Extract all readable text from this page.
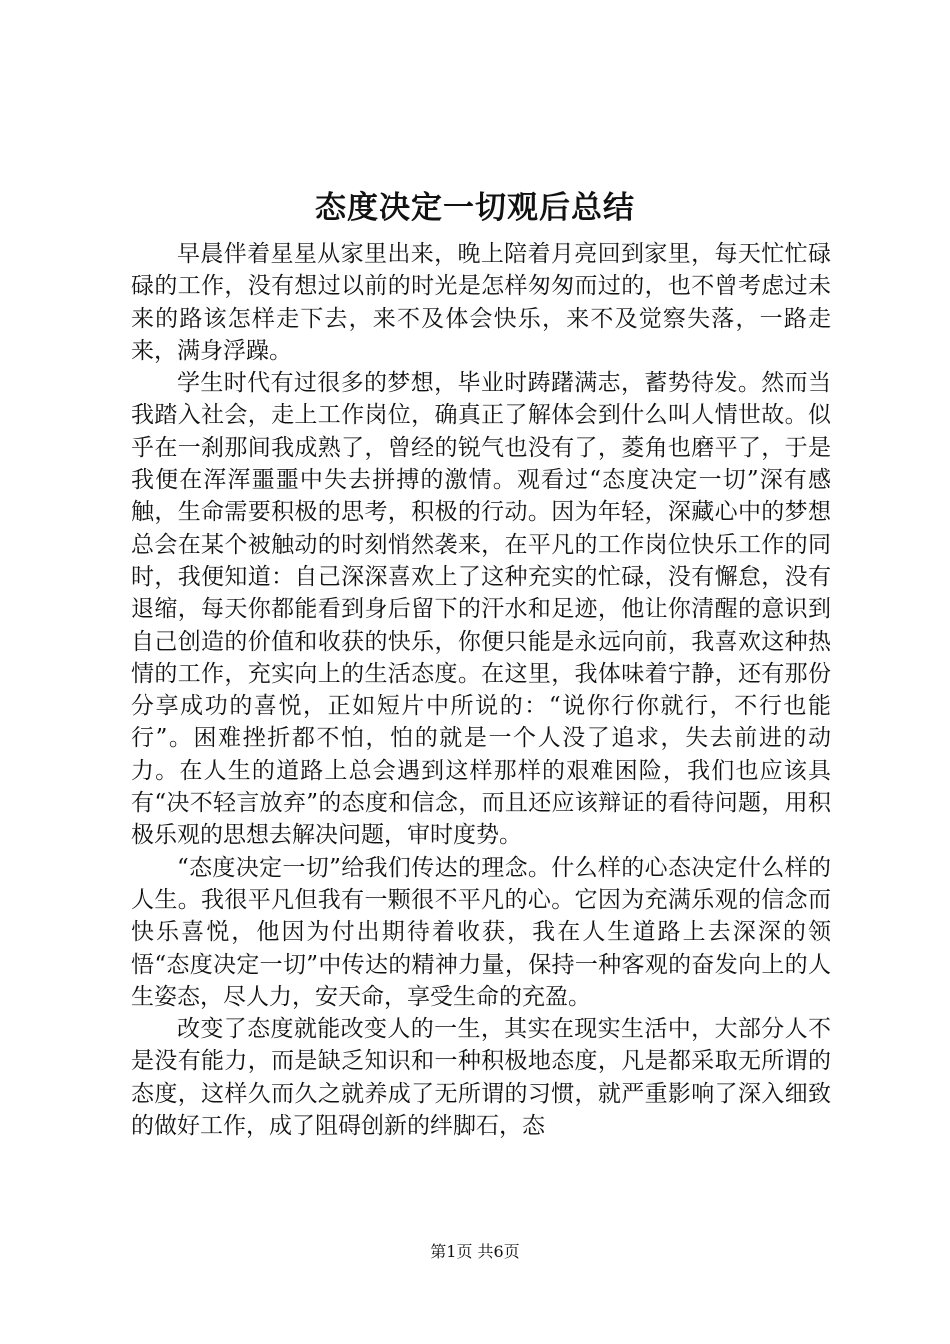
态度决定一切观后总结

早晨伴着星星从家里出来，晚上陪着月亮回到家里，每天忙忙碌碌的工作，没有想过以前的时光是怎样匆匆而过的，也不曾考虑过未来的路该怎样走下去，来不及体会快乐，来不及觉察失落，一路走来，满身浮躁。

学生时代有过很多的梦想，毕业时踌躇满志，蓄势待发。然而当我踏入社会，走上工作岗位，确真正了解体会到什么叫人情世故。似乎在一刹那间我成熟了，曾经的锐气也没有了，菱角也磨平了，于是我便在浑浑噩噩中失去拼搏的激情。观看过“态度决定一切”深有感触，生命需要积极的思考，积极的行动。因为年轻，深藏心中的梦想总会在某个被触动的时刻悄然袭来，在平凡的工作岗位快乐工作的同时，我便知道：自己深深喜欢上了这种充实的忙碌，没有懈怠，没有退缩，每天你都能看到身后留下的汗水和足迹，他让你清醒的意识到自己创造的价值和收获的快乐，你便只能是永远向前，我喜欢这种热情的工作，充实向上的生活态度。在这里，我体味着宁静，还有那份分享成功的喜悦，正如短片中所说的：“说你行你就行，不行也能行”。困难挫折都不怕，怕的就是一个人没了追求，失去前进的动力。在人生的道路上总会遇到这样那样的艰难困险，我们也应该具有“决不轻言放弃”的态度和信念，而且还应该辩证的看待问题，用积极乐观的思想去解决问题，审时度势。

“态度决定一切”给我们传达的理念。什么样的心态决定什么样的人生。我很平凡但我有一颗很不平凡的心。它因为充满乐观的信念而快乐喜悦，他因为付出期待着收获，我在人生道路上去深深的领悟“态度决定一切”中传达的精神力量，保持一种客观的奋发向上的人生姿态，尽人力，安天命，享受生命的充盈。

改变了态度就能改变人的一生，其实在现实生活中，大部分人不是没有能力，而是缺乏知识和一种积极地态度，凡是都采取无所谓的态度，这样久而久之就养成了无所谓的习惯，就严重影响了深入细致的做好工作，成了阻碍创新的绊脚石，态

第1页 共6页
